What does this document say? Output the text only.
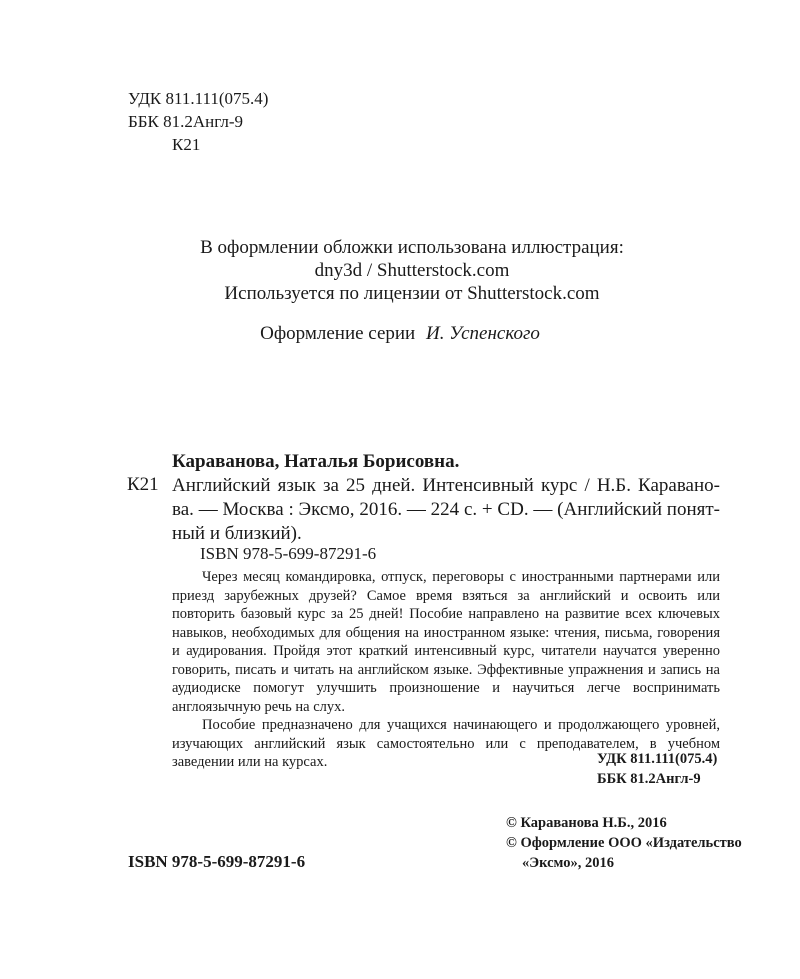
УДК 811.111(075.4)
ББК 81.2Англ-9
К21
В оформлении обложки использована иллюстрация:
dny3d / Shutterstock.com
Используется по лицензии от Shutterstock.com
Оформление серии И. Успенского
Караванова, Наталья Борисовна.
К21 Английский язык за 25 дней. Интенсивный курс / Н.Б. Каравано-
ва. — Москва : Эксмо, 2016. — 224 с. + CD. — (Английский понят-
ный и близкий).
ISBN 978-5-699-87291-6

Через месяц командировка, отпуск, переговоры с иностранными партнерами или приезд зарубежных друзей? Самое время взяться за английский и освоить или повторить базовый курс за 25 дней! Пособие направлено на развитие всех ключевых навыков, необходимых для общения на иностранном языке: чтения, письма, говорения и аудирования. Пройдя этот краткий интенсивный курс, читатели научатся уверенно говорить, писать и читать на английском языке. Эффективные упражнения и запись на аудиодиске помогут улучшить произношение и научиться легче воспринимать англоязычную речь на слух.

Пособие предназначено для учащихся начинающего и продолжающего уровней, изучающих английский язык самостоятельно или с преподавателем, в учебном заведении или на курсах.	УДК 811.111(075.4)
ББК 81.2Англ-9
© Караванова Н.Б., 2016
© Оформление ООО «Издательство
«Эксмо», 2016
ISBN 978-5-699-87291-6
